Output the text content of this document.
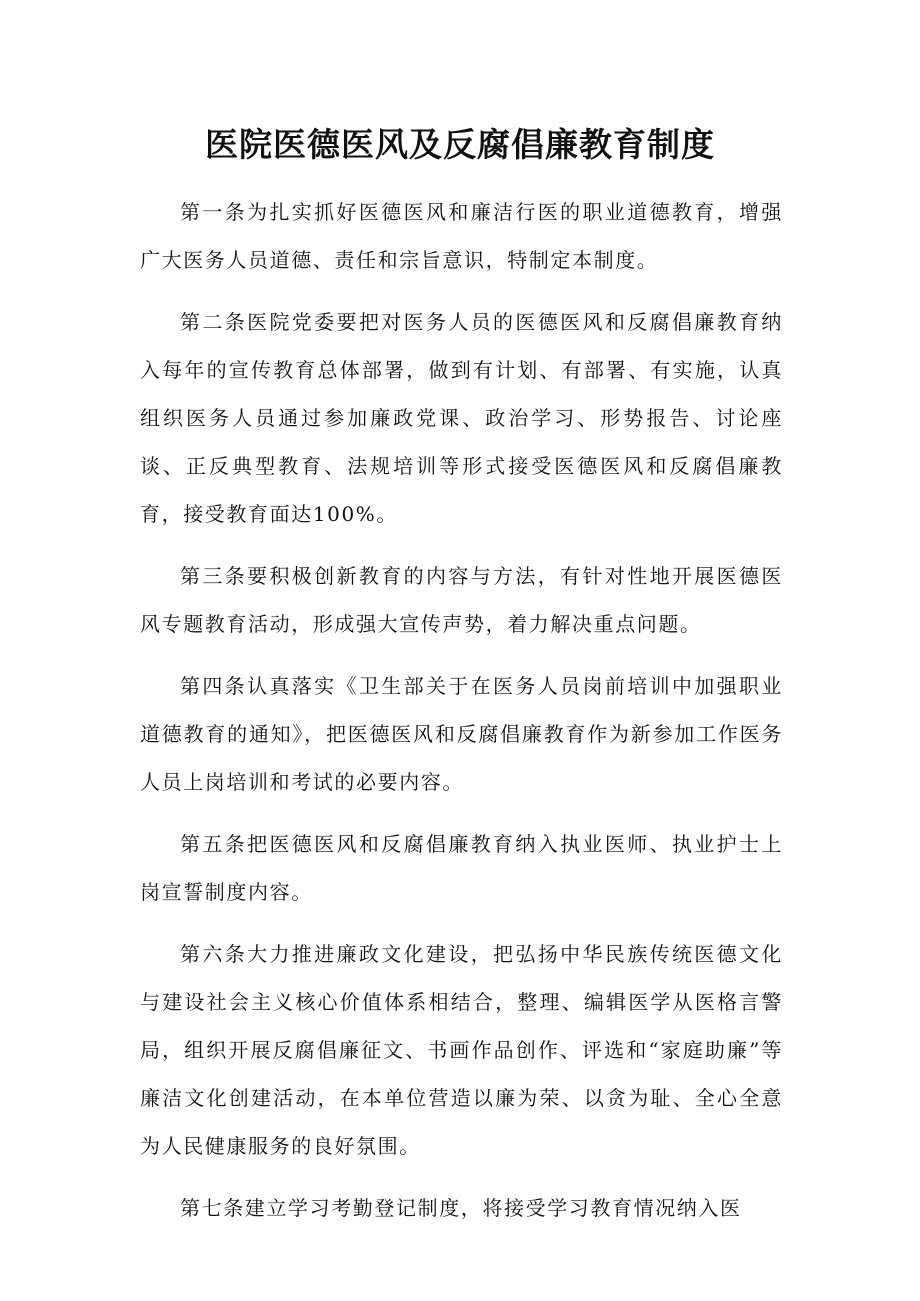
医院医德医风及反腐倡廉教育制度

第一条为扎实抓好医德医风和廉洁行医的职业道德教育，增强广大医务人员道德、责任和宗旨意识，特制定本制度。

第二条医院党委要把对医务人员的医德医风和反腐倡廉教育纳入每年的宣传教育总体部署，做到有计划、有部署、有实施，认真组织医务人员通过参加廉政党课、政治学习、形势报告、讨论座谈、正反典型教育、法规培训等形式接受医德医风和反腐倡廉教育，接受教育面达100%。

第三条要积极创新教育的内容与方法，有针对性地开展医德医风专题教育活动，形成强大宣传声势，着力解决重点问题。

第四条认真落实《卫生部关于在医务人员岗前培训中加强职业道德教育的通知》，把医德医风和反腐倡廉教育作为新参加工作医务人员上岗培训和考试的必要内容。

第五条把医德医风和反腐倡廉教育纳入执业医师、执业护士上岗宣誓制度内容。

第六条大力推进廉政文化建设，把弘扬中华民族传统医德文化与建设社会主义核心价值体系相结合，整理、编辑医学从医格言警局，组织开展反腐倡廉征文、书画作品创作、评选和“家庭助廉”等廉洁文化创建活动，在本单位营造以廉为荣、以贪为耻、全心全意为人民健康服务的良好氛围。

第七条建立学习考勤登记制度，将接受学习教育情况纳入医
